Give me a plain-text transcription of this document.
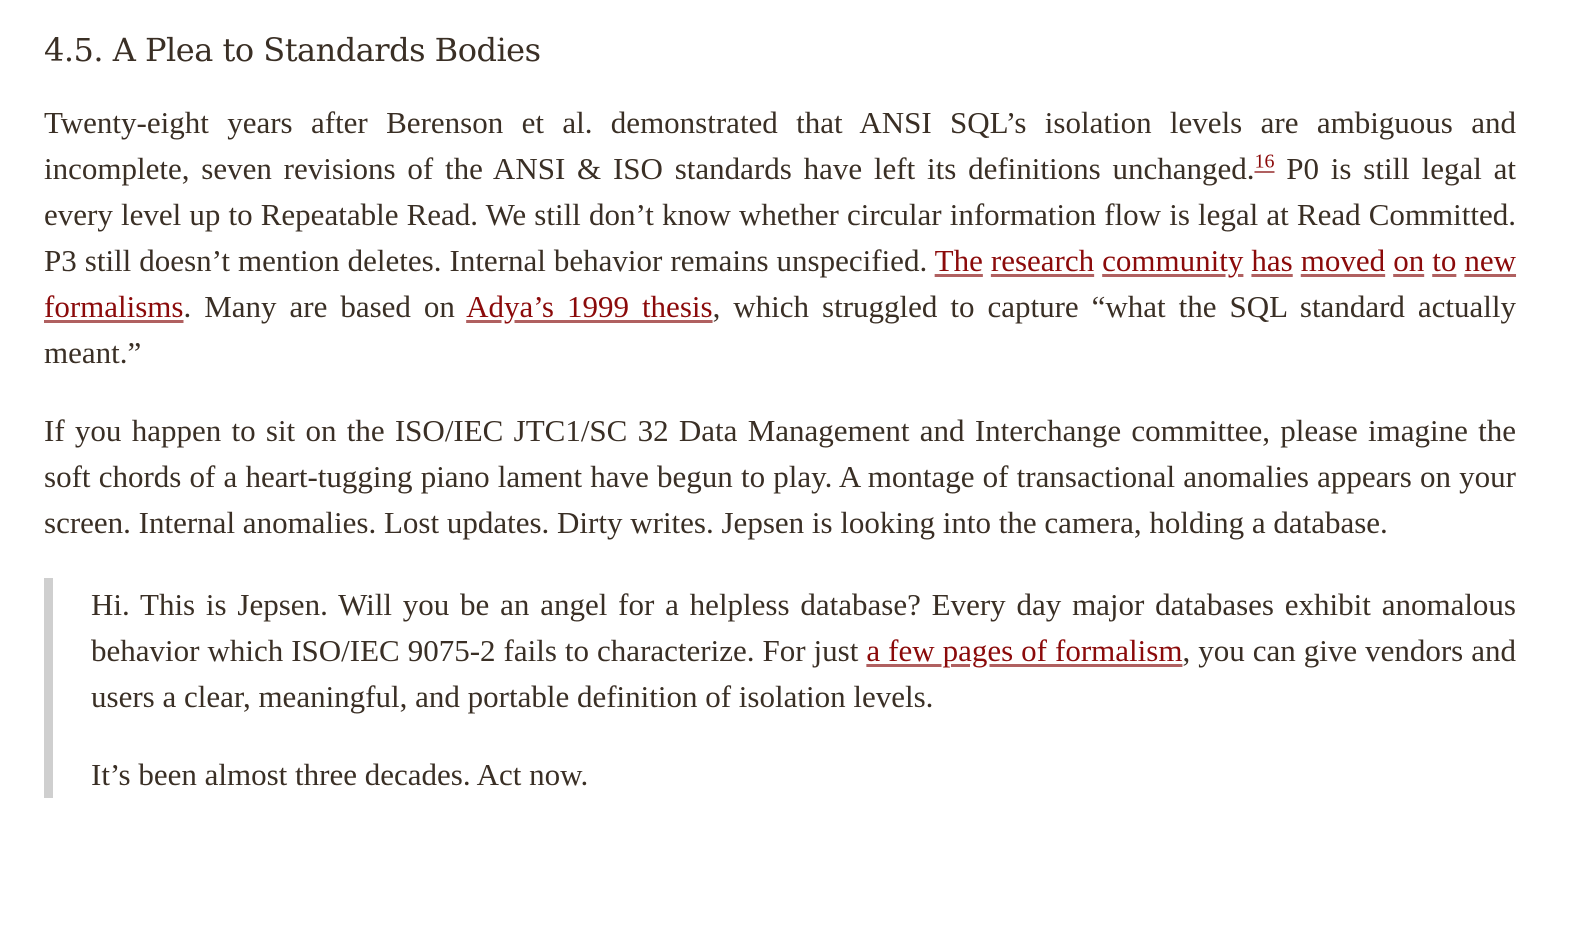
4.5. A Plea to Standards Bodies

Twenty-eight years after Berenson et al. demonstrated that ANSI SQL’s isolation levels are ambiguous and incomplete, seven revisions of the ANSI & ISO standards have left its definitions unchanged.$^{16}$ P0 is still legal at every level up to Repeatable Read. We still don’t know whether circular information flow is legal at Read Committed. P3 still doesn’t mention deletes. Internal behavior remains unspecified. The research community has moved on to new formalisms. Many are based on Adya’s 1999 thesis, which struggled to capture “what the SQL standard actually meant.”

If you happen to sit on the ISO/IEC JTC1/SC 32 Data Management and Interchange committee, please imagine the soft chords of a heart-tugging piano lament have begun to play. A montage of transactional anomalies appears on your screen. Internal anomalies. Lost updates. Dirty writes. Jepsen is looking into the camera, holding a database.

Hi. This is Jepsen. Will you be an angel for a helpless database? Every day major databases exhibit anomalous behavior which ISO/IEC 9075-2 fails to characterize. For just a few pages of formalism, you can give vendors and users a clear, meaningful, and portable definition of isolation levels.

It’s been almost three decades. Act now.
